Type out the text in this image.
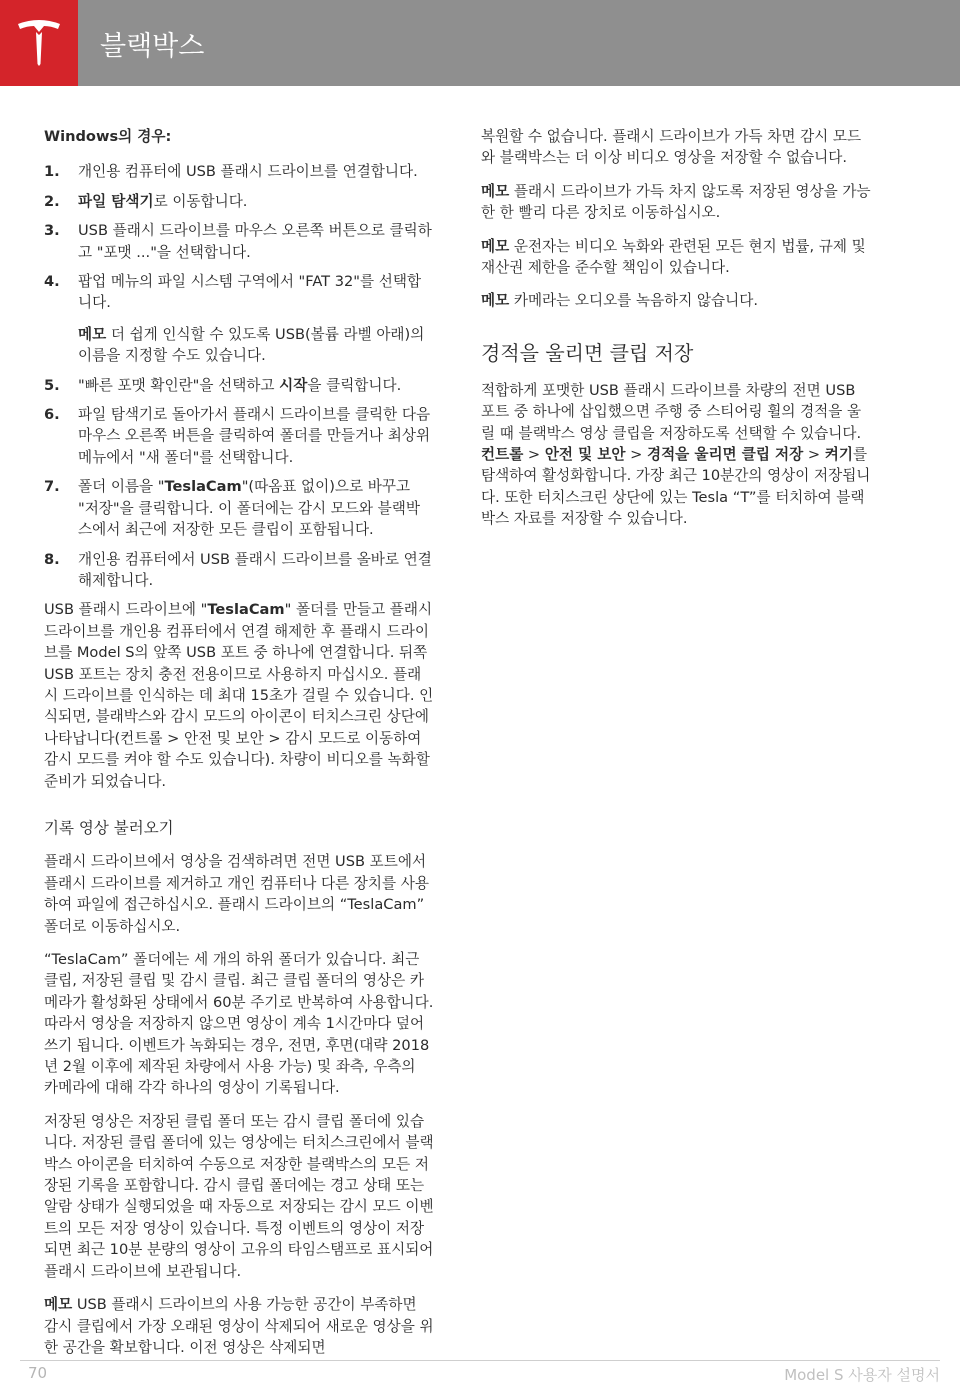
블랙박스

Windows의 경우:

1. 개인용 컴퓨터에 USB 플래시 드라이브를 연결합니다.
2. 파일 탐색기로 이동합니다.
3. USB 플래시 드라이브를 마우스 오른쪽 버튼으로 클릭하고 "포맷 ..."을 선택합니다.
4. 팝업 메뉴의 파일 시스템 구역에서 "FAT 32"를 선택합니다.
메모 더 쉽게 인식할 수 있도록 USB(볼륨 라벨 아래)의 이름을 지정할 수도 있습니다.
5. "빠른 포맷 확인란"을 선택하고 시작을 클릭합니다.
6. 파일 탐색기로 돌아가서 플래시 드라이브를 클릭한 다음 마우스 오른쪽 버튼을 클릭하여 폴더를 만들거나 최상위 메뉴에서 "새 폴더"를 선택합니다.
7. 폴더 이름을 "TeslaCam"(따옴표 없이)으로 바꾸고 "저장"을 클릭합니다. 이 폴더에는 감시 모드와 블랙박스에서 최근에 저장한 모든 클립이 포함됩니다.
8. 개인용 컴퓨터에서 USB 플래시 드라이브를 올바로 연결 해제합니다.

USB 플래시 드라이브에 "TeslaCam" 폴더를 만들고 플래시 드라이브를 개인용 컴퓨터에서 연결 해제한 후 플래시 드라이브를 Model S의 앞쪽 USB 포트 중 하나에 연결합니다. 뒤쪽 USB 포트는 장치 충전 전용이므로 사용하지 마십시오. 플래시 드라이브를 인식하는 데 최대 15초가 걸릴 수 있습니다. 인식되면, 블래박스와 감시 모드의 아이콘이 터치스크린 상단에 나타납니다(컨트롤 > 안전 및 보안 > 감시 모드로 이동하여 감시 모드를 켜야 할 수도 있습니다). 차량이 비디오를 녹화할 준비가 되었습니다.

기록 영상 불러오기

플래시 드라이브에서 영상을 검색하려면 전면 USB 포트에서 플래시 드라이브를 제거하고 개인 컴퓨터나 다른 장치를 사용하여 파일에 접근하십시오. 플래시 드라이브의 “TeslaCam” 폴더로 이동하십시오.

“TeslaCam” 폴더에는 세 개의 하위 폴더가 있습니다. 최근 클립, 저장된 클립 및 감시 클립. 최근 클립 폴더의 영상은 카메라가 활성화된 상태에서 60분 주기로 반복하여 사용합니다. 따라서 영상을 저장하지 않으면 영상이 계속 1시간마다 덮어쓰기 됩니다. 이벤트가 녹화되는 경우, 전면, 후면(대략 2018년 2월 이후에 제작된 차량에서 사용 가능) 및 좌측, 우측의 카메라에 대해 각각 하나의 영상이 기록됩니다.

저장된 영상은 저장된 클립 폴더 또는 감시 클립 폴더에 있습니다. 저장된 클립 폴더에 있는 영상에는 터치스크린에서 블랙박스 아이콘을 터치하여 수동으로 저장한 블랙박스의 모든 저장된 기록을 포함합니다. 감시 클립 폴더에는 경고 상태 또는 알람 상태가 실행되었을 때 자동으로 저장되는 감시 모드 이벤트의 모든 저장 영상이 있습니다. 특정 이벤트의 영상이 저장되면 최근 10분 분량의 영상이 고유의 타임스탬프로 표시되어 플래시 드라이브에 보관됩니다.

메모 USB 플래시 드라이브의 사용 가능한 공간이 부족하면 감시 클립에서 가장 오래된 영상이 삭제되어 새로운 영상을 위한 공간을 확보합니다. 이전 영상은 삭제되면

복원할 수 없습니다. 플래시 드라이브가 가득 차면 감시 모드와 블랙박스는 더 이상 비디오 영상을 저장할 수 없습니다.

메모 플래시 드라이브가 가득 차지 않도록 저장된 영상을 가능한 한 빨리 다른 장치로 이동하십시오.

메모 운전자는 비디오 녹화와 관련된 모든 현지 법률, 규제 및 재산권 제한을 준수할 책임이 있습니다.

메모 카메라는 오디오를 녹음하지 않습니다.

경적을 울리면 클립 저장

적합하게 포맷한 USB 플래시 드라이브를 차량의 전면 USB 포트 중 하나에 삽입했으면 주행 중 스티어링 휠의 경적을 울릴 때 블랙박스 영상 클립을 저장하도록 선택할 수 있습니다. 컨트롤 > 안전 및 보안 > 경적을 울리면 클립 저장 > 켜기를 탐색하여 활성화합니다. 가장 최근 10분간의 영상이 저장됩니다. 또한 터치스크린 상단에 있는 Tesla “T”를 터치하여 블랙박스 자료를 저장할 수 있습니다.

70	Model S 사용자 설명서
